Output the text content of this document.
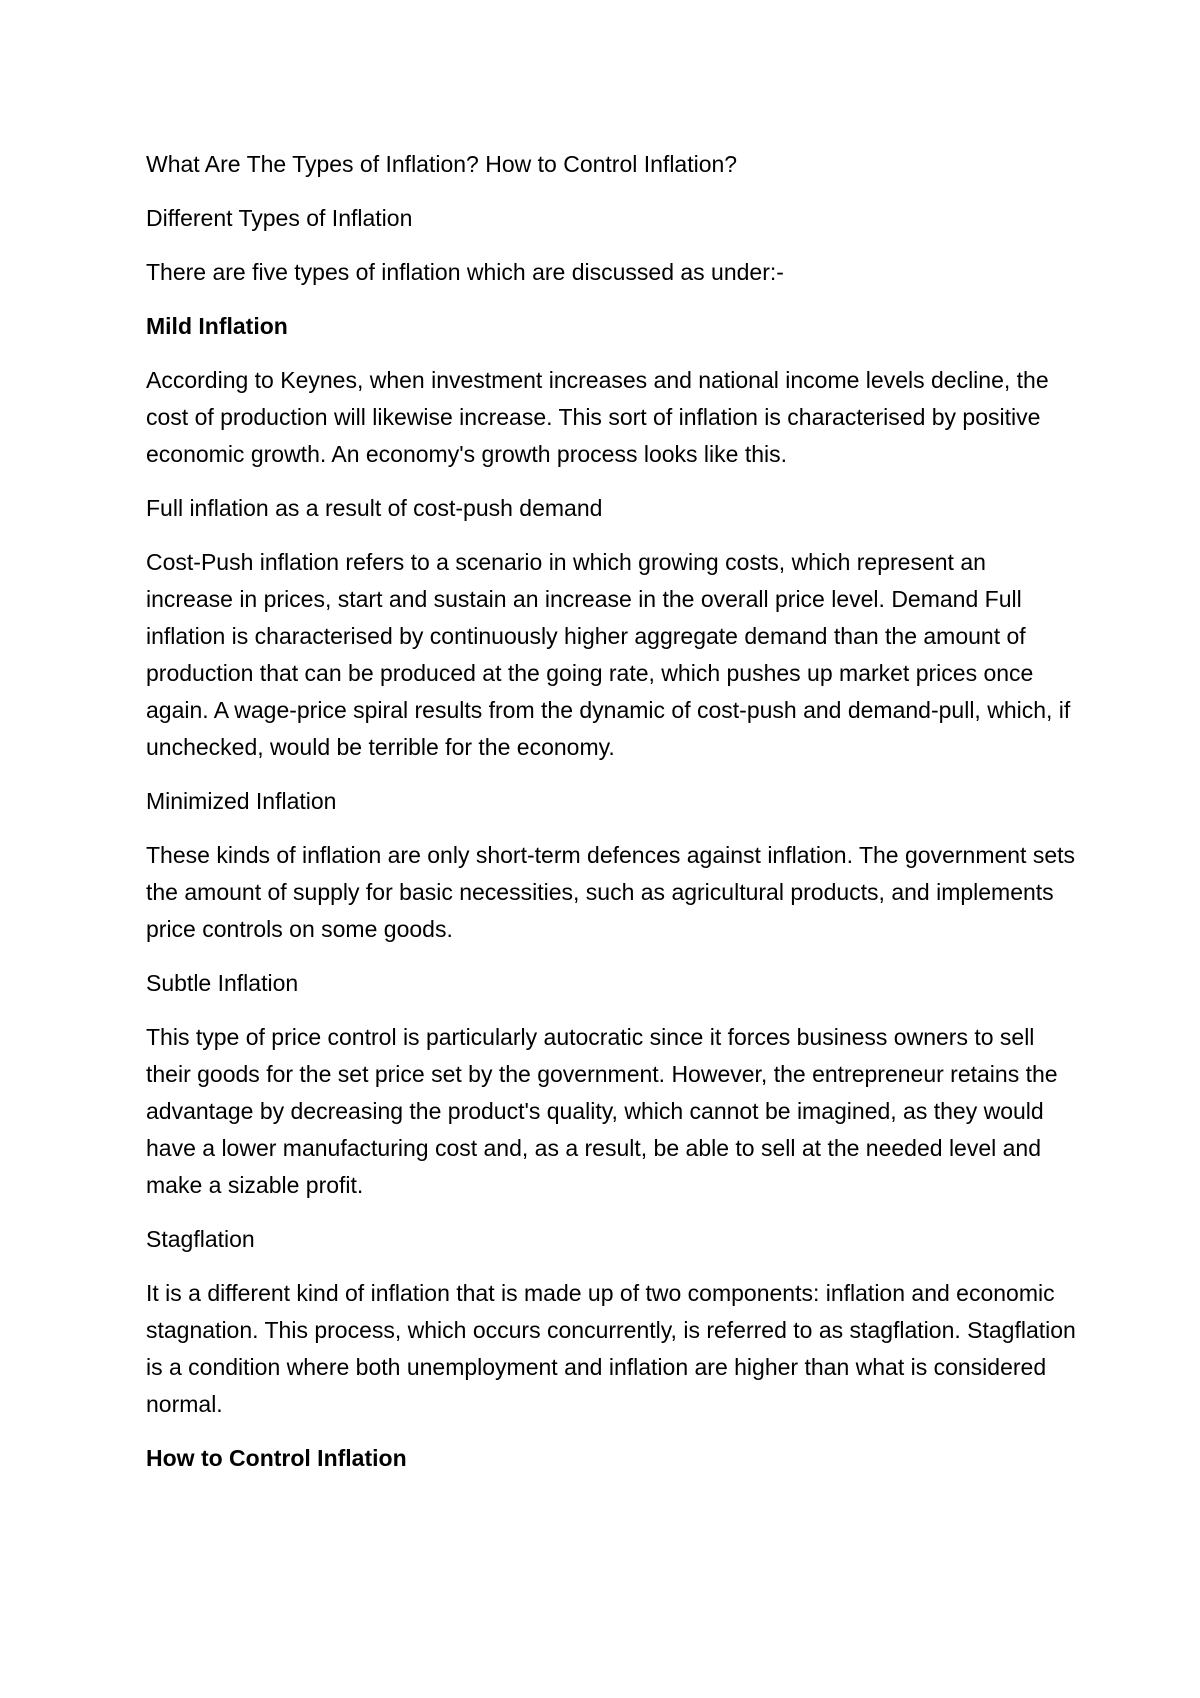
What Are The Types of Inflation? How to Control Inflation?

Different Types of Inflation

There are five types of inflation which are discussed as under:-

Mild Inflation

According to Keynes, when investment increases and national income levels decline, the cost of production will likewise increase. This sort of inflation is characterised by positive economic growth. An economy's growth process looks like this.

Full inflation as a result of cost-push demand

Cost-Push inflation refers to a scenario in which growing costs, which represent an increase in prices, start and sustain an increase in the overall price level. Demand Full inflation is characterised by continuously higher aggregate demand than the amount of production that can be produced at the going rate, which pushes up market prices once again. A wage-price spiral results from the dynamic of cost-push and demand-pull, which, if unchecked, would be terrible for the economy.

Minimized Inflation

These kinds of inflation are only short-term defences against inflation. The government sets the amount of supply for basic necessities, such as agricultural products, and implements price controls on some goods.

Subtle Inflation

This type of price control is particularly autocratic since it forces business owners to sell their goods for the set price set by the government. However, the entrepreneur retains the advantage by decreasing the product's quality, which cannot be imagined, as they would have a lower manufacturing cost and, as a result, be able to sell at the needed level and make a sizable profit.

Stagflation

It is a different kind of inflation that is made up of two components: inflation and economic stagnation. This process, which occurs concurrently, is referred to as stagflation. Stagflation is a condition where both unemployment and inflation are higher than what is considered normal.

How to Control Inflation
